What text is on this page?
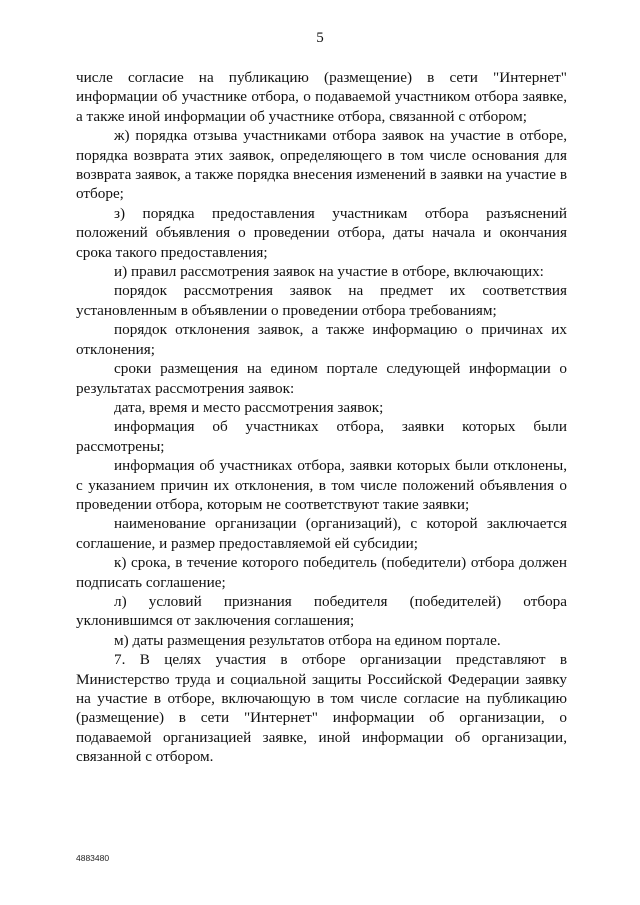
5

числе согласие на публикацию (размещение) в сети "Интернет" информации об участнике отбора, о подаваемой участником отбора заявке, а также иной информации об участнике отбора, связанной с отбором;

ж) порядка отзыва участниками отбора заявок на участие в отборе, порядка возврата этих заявок, определяющего в том числе основания для возврата заявок, а также порядка внесения изменений в заявки на участие в отборе;

з) порядка предоставления участникам отбора разъяснений положений объявления о проведении отбора, даты начала и окончания срока такого предоставления;

и) правил рассмотрения заявок на участие в отборе, включающих:

порядок рассмотрения заявок на предмет их соответствия установленным в объявлении о проведении отбора требованиям;

порядок отклонения заявок, а также информацию о причинах их отклонения;

сроки размещения на едином портале следующей информации о результатах рассмотрения заявок:

дата, время и место рассмотрения заявок;

информация об участниках отбора, заявки которых были рассмотрены;

информация об участниках отбора, заявки которых были отклонены, с указанием причин их отклонения, в том числе положений объявления о проведении отбора, которым не соответствуют такие заявки;

наименование организации (организаций), с которой заключается соглашение, и размер предоставляемой ей субсидии;

к) срока, в течение которого победитель (победители) отбора должен подписать соглашение;

л) условий признания победителя (победителей) отбора уклонившимся от заключения соглашения;

м) даты размещения результатов отбора на едином портале.

7. В целях участия в отборе организации представляют в Министерство труда и социальной защиты Российской Федерации заявку на участие в отборе, включающую в том числе согласие на публикацию (размещение) в сети "Интернет" информации об организации, о подаваемой организацией заявке, иной информации об организации, связанной с отбором.

4883480
